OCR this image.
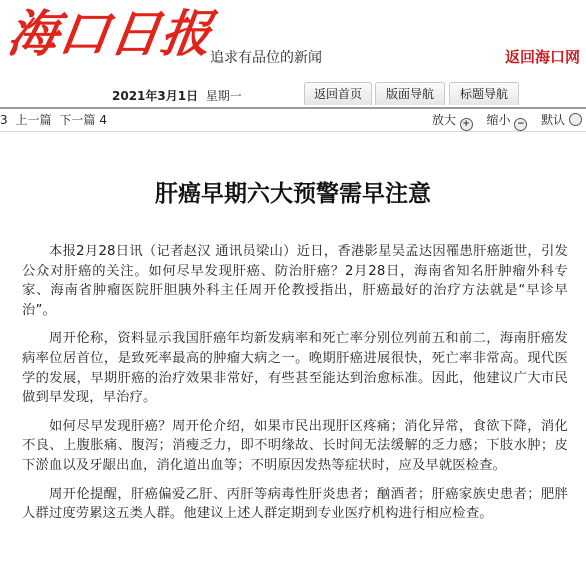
海口日报
追求有品位的新闻	返回海口网
2021年3月1日 星期一	返回首页	版面导航	标题导航
3 上一篇 下一篇 4	放大 + 缩小 − 默认
肝癌早期六大预警需早注意

本报2月28日讯（记者赵汉 通讯员梁山）近日，香港影星吴孟达因罹患肝癌逝世，引发公众对肝癌的关注。如何尽早发现肝癌、防治肝癌？2月28日，海南省知名肝肿瘤外科专家、海南省肿瘤医院肝胆胰外科主任周开伦教授指出，肝癌最好的治疗方法就是“早诊早治”。

周开伦称，资料显示我国肝癌年均新发病率和死亡率分别位列前五和前二，海南肝癌发病率位居首位，是致死率最高的肿瘤大病之一。晚期肝癌进展很快，死亡率非常高。现代医学的发展，早期肝癌的治疗效果非常好，有些甚至能达到治愈标准。因此，他建议广大市民做到早发现，早治疗。

如何尽早发现肝癌？周开伦介绍，如果市民出现肝区疼痛；消化异常，食欲下降，消化不良、上腹胀痛、腹泻；消瘦乏力，即不明缘故、长时间无法缓解的乏力感；下肢水肿；皮下淤血以及牙龈出血，消化道出血等；不明原因发热等症状时，应及早就医检查。

周开伦提醒，肝癌偏爱乙肝、丙肝等病毒性肝炎患者；酗酒者；肝癌家族史患者；肥胖人群过度劳累这五类人群。他建议上述人群定期到专业医疗机构进行相应检查。
